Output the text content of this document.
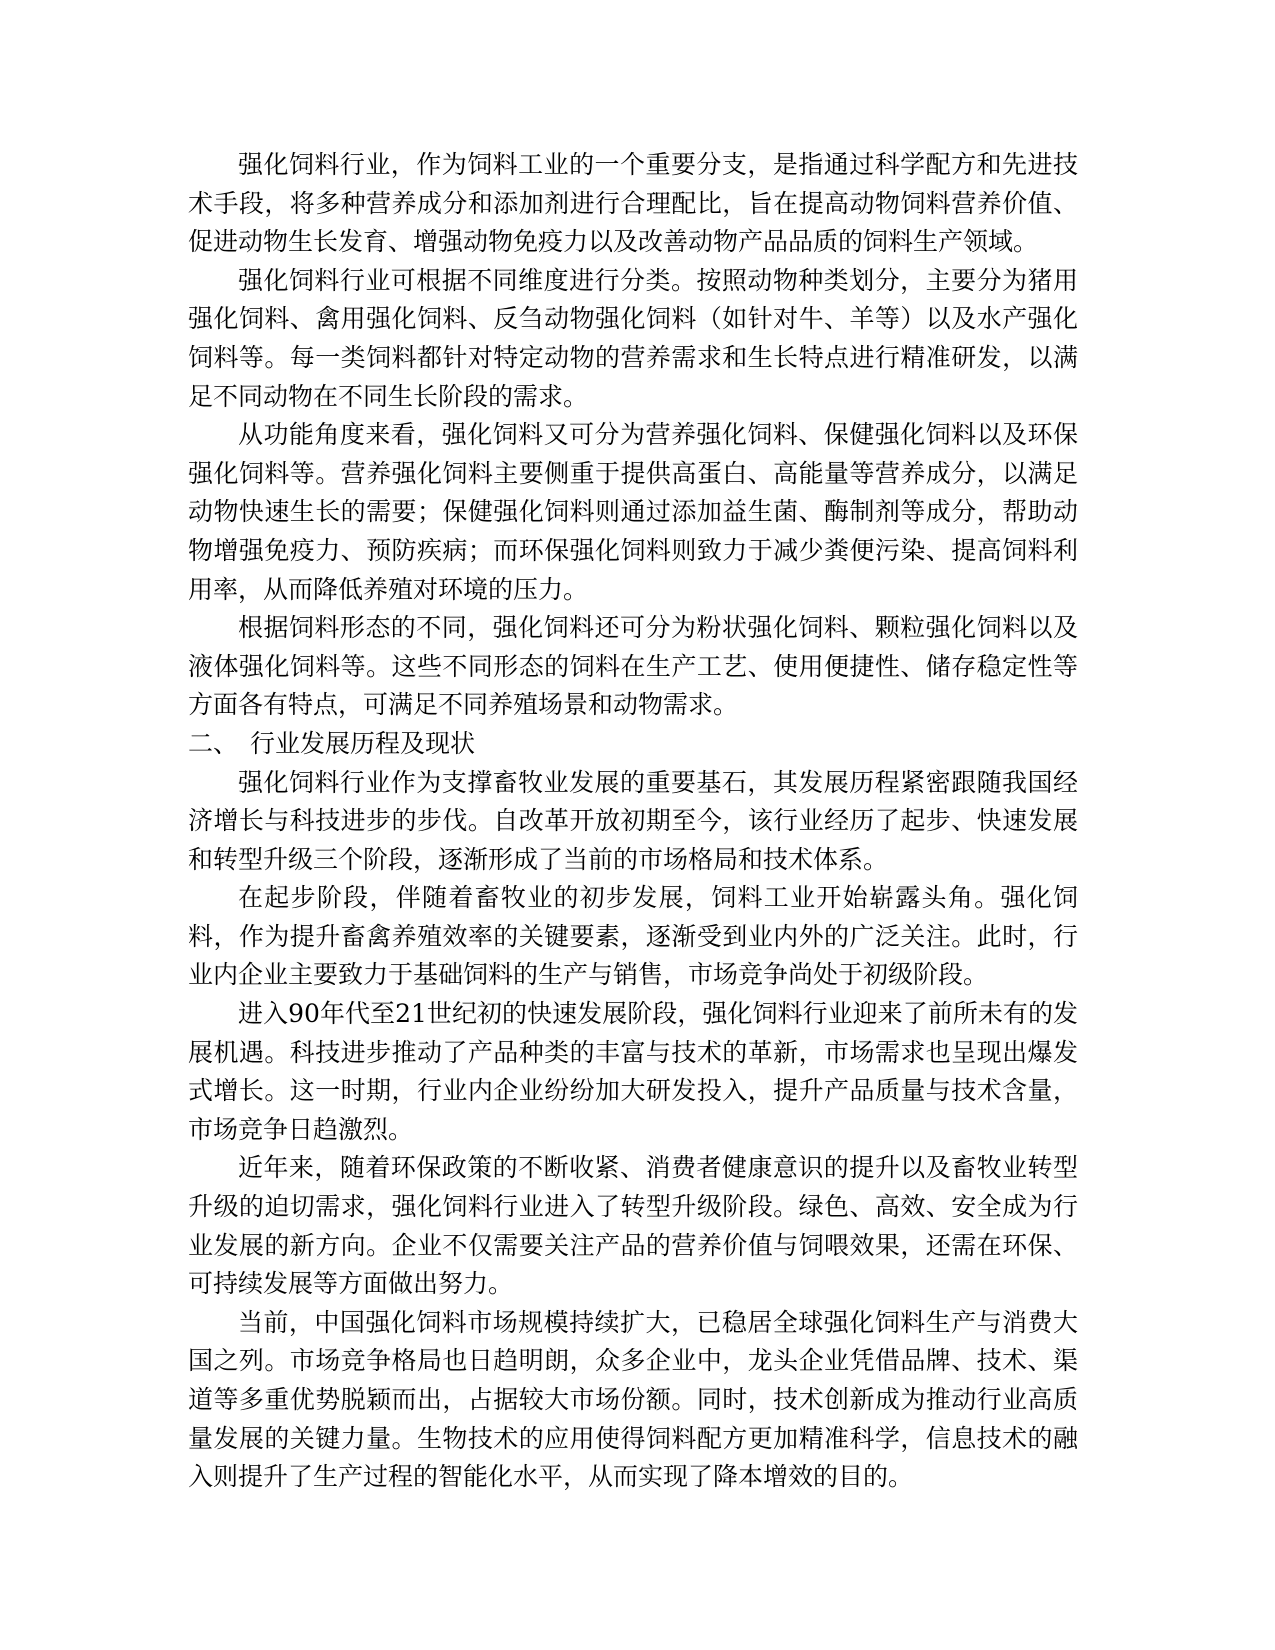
强化饲料行业，作为饲料工业的一个重要分支，是指通过科学配方和先进技术手段，将多种营养成分和添加剂进行合理配比，旨在提高动物饲料营养价值、促进动物生长发育、增强动物免疫力以及改善动物产品品质的饲料生产领域。

强化饲料行业可根据不同维度进行分类。按照动物种类划分，主要分为猪用强化饲料、禽用强化饲料、反刍动物强化饲料（如针对牛、羊等）以及水产强化饲料等。每一类饲料都针对特定动物的营养需求和生长特点进行精准研发，以满足不同动物在不同生长阶段的需求。

从功能角度来看，强化饲料又可分为营养强化饲料、保健强化饲料以及环保强化饲料等。营养强化饲料主要侧重于提供高蛋白、高能量等营养成分，以满足动物快速生长的需要；保健强化饲料则通过添加益生菌、酶制剂等成分，帮助动物增强免疫力、预防疾病；而环保强化饲料则致力于减少粪便污染、提高饲料利用率，从而降低养殖对环境的压力。

根据饲料形态的不同，强化饲料还可分为粉状强化饲料、颗粒强化饲料以及液体强化饲料等。这些不同形态的饲料在生产工艺、使用便捷性、储存稳定性等方面各有特点，可满足不同养殖场景和动物需求。

二、 行业发展历程及现状

强化饲料行业作为支撑畜牧业发展的重要基石，其发展历程紧密跟随我国经济增长与科技进步的步伐。自改革开放初期至今，该行业经历了起步、快速发展和转型升级三个阶段，逐渐形成了当前的市场格局和技术体系。

在起步阶段，伴随着畜牧业的初步发展，饲料工业开始崭露头角。强化饲料，作为提升畜禽养殖效率的关键要素，逐渐受到业内外的广泛关注。此时，行业内企业主要致力于基础饲料的生产与销售，市场竞争尚处于初级阶段。

进入90年代至21世纪初的快速发展阶段，强化饲料行业迎来了前所未有的发展机遇。科技进步推动了产品种类的丰富与技术的革新，市场需求也呈现出爆发式增长。这一时期，行业内企业纷纷加大研发投入，提升产品质量与技术含量，市场竞争日趋激烈。

近年来，随着环保政策的不断收紧、消费者健康意识的提升以及畜牧业转型升级的迫切需求，强化饲料行业进入了转型升级阶段。绿色、高效、安全成为行业发展的新方向。企业不仅需要关注产品的营养价值与饲喂效果，还需在环保、可持续发展等方面做出努力。

当前，中国强化饲料市场规模持续扩大，已稳居全球强化饲料生产与消费大国之列。市场竞争格局也日趋明朗，众多企业中，龙头企业凭借品牌、技术、渠道等多重优势脱颖而出，占据较大市场份额。同时，技术创新成为推动行业高质量发展的关键力量。生物技术的应用使得饲料配方更加精准科学，信息技术的融入则提升了生产过程的智能化水平，从而实现了降本增效的目的。
